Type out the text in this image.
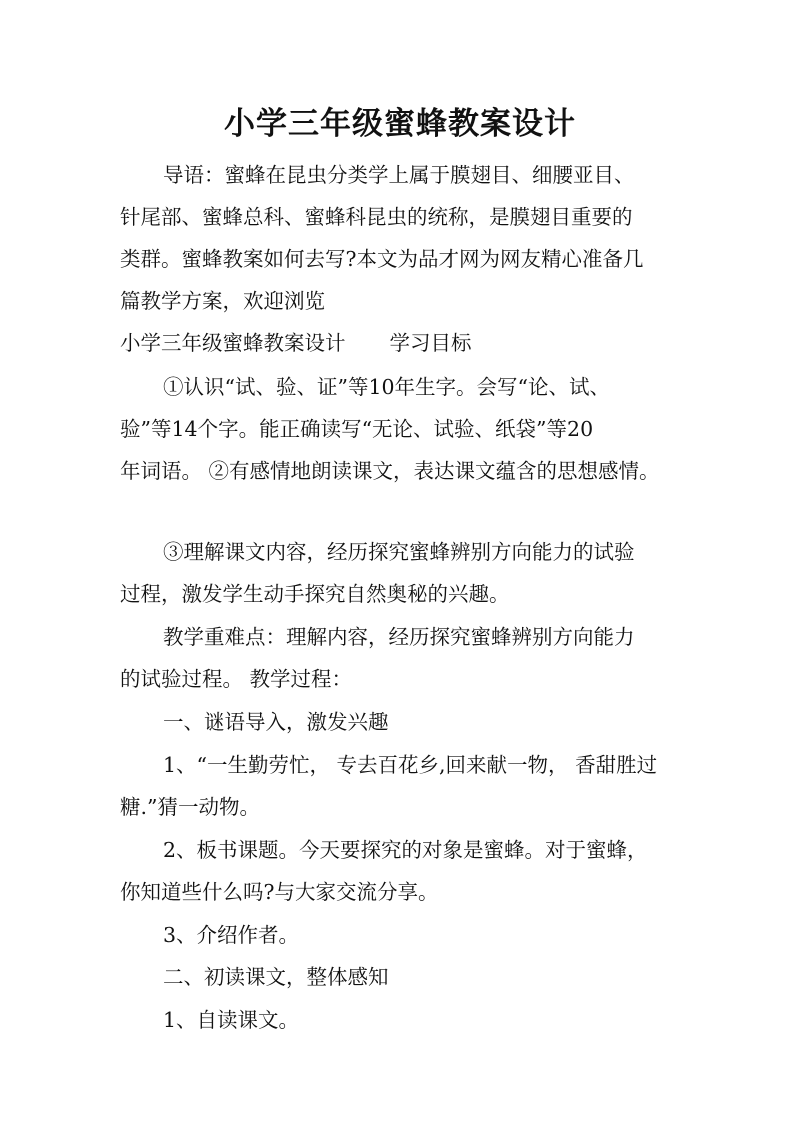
小学三年级蜜蜂教案设计

导语：蜜蜂在昆虫分类学上属于膜翅目、细腰亚目、

针尾部、蜜蜂总科、蜜蜂科昆虫的统称，是膜翅目重要的

类群。蜜蜂教案如何去写?本文为品才网为网友精心准备几

篇教学方案，欢迎浏览

小学三年级蜜蜂教案设计 学习目标

①认识“试、验、证”等10年生字。会写“论、试、

验”等14个字。能正确读写“无论、试验、纸袋”等20

年词语。 ②有感情地朗读课文，表达课文蕴含的思想感情。

③理解课文内容，经历探究蜜蜂辨别方向能力的试验

过程，激发学生动手探究自然奥秘的兴趣。

教学重难点：理解内容，经历探究蜜蜂辨别方向能力

的试验过程。 教学过程：

一、谜语导入，激发兴趣

1、“一生勤劳忙， 专去百花乡,回来献一物， 香甜胜过

糖.”猜一动物。

2、板书课题。今天要探究的对象是蜜蜂。对于蜜蜂，

你知道些什么吗?与大家交流分享。

3、介绍作者。

二、初读课文，整体感知

1、自读课文。
